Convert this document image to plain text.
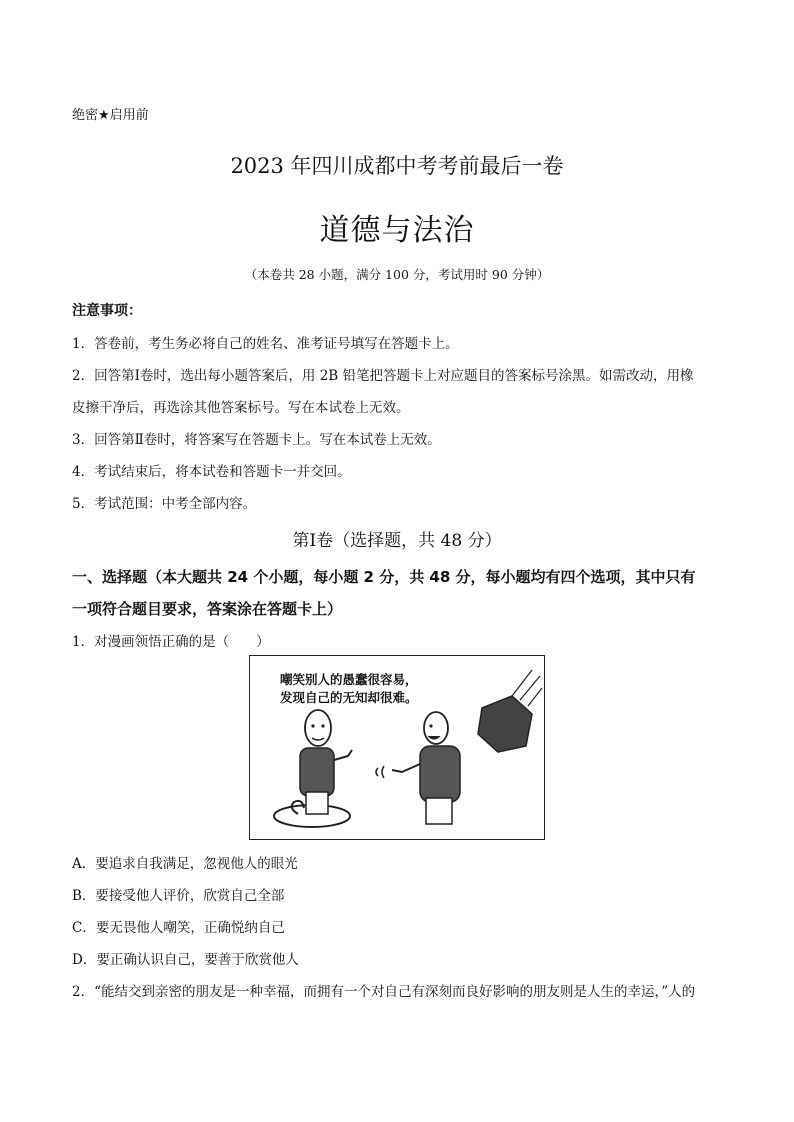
绝密★启用前
2023 年四川成都中考考前最后一卷
道德与法治
（本卷共 28 小题，满分 100 分，考试用时 90 分钟）
注意事项：
1．答卷前，考生务必将自己的姓名、准考证号填写在答题卡上。
2．回答第Ⅰ卷时，选出每小题答案后，用 2B 铅笔把答题卡上对应题目的答案标号涂黑。如需改动，用橡
皮擦干净后，再选涂其他答案标号。写在本试卷上无效。
3．回答第Ⅱ卷时，将答案写在答题卡上。写在本试卷上无效。
4．考试结束后，将本试卷和答题卡一并交回。
5．考试范围：中考全部内容。
第Ⅰ卷（选择题，共 48 分）
一、选择题（本大题共 24 个小题，每小题 2 分，共 48 分，每小题均有四个选项，其中只有
一项符合题目要求，答案涂在答题卡上）
1．对漫画领悟正确的是（　　）
嘲笑别人的愚蠢很容易，
发现自己的无知却很难。
A．要追求自我满足，忽视他人的眼光
B．要接受他人评价，欣赏自己全部
C．要无畏他人嘲笑，正确悦纳自己
D．要正确认识自己，要善于欣赏他人
2．“能结交到亲密的朋友是一种幸福，而拥有一个对自己有深刻而良好影响的朋友则是人生的幸运，”人的
